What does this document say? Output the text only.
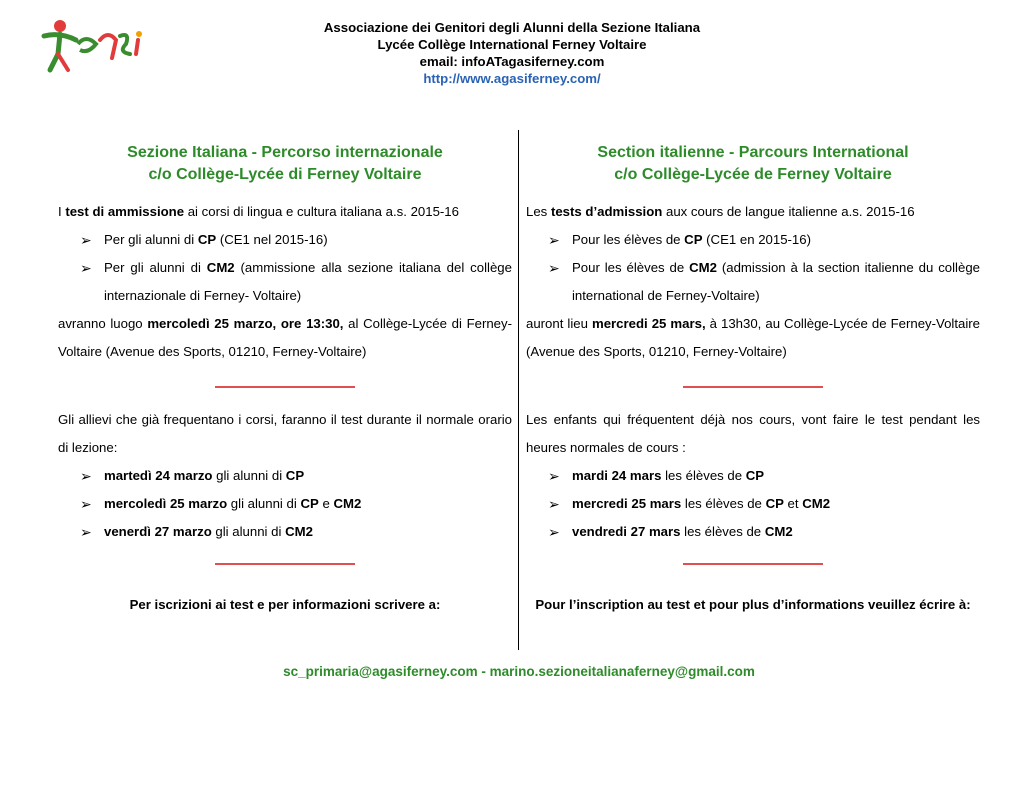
Associazione dei Genitori degli Alunni della Sezione Italiana
Lycée Collège International Ferney Voltaire
email: infoATagasiferney.com
http://www.agasiferney.com/

Sezione Italiana - Percorso internazionale

c/o Collège-Lycée di Ferney Voltaire

I test di ammissione ai corsi di lingua e cultura italiana a.s. 2015-16
➢ Per gli alunni di CP (CE1 nel 2015-16)
➢ Per gli alunni di CM2 (ammissione alla sezione italiana del collège internazionale di Ferney- Voltaire)
avranno luogo mercoledì 25 marzo, ore 13:30, al Collège-Lycée di Ferney-Voltaire (Avenue des Sports, 01210, Ferney-Voltaire)
Gli allievi che già frequentano i corsi, faranno il test durante il normale orario di lezione:
➢ martedì 24 marzo gli alunni di CP
➢ mercoledì 25 marzo gli alunni di CP e CM2
➢ venerdì 27 marzo gli alunni di CM2
Per iscrizioni ai test e per informazioni scrivere a:

Section italienne - Parcours International

c/o Collège-Lycée de Ferney Voltaire

Les tests d’admission aux cours de langue italienne a.s. 2015-16
➢ Pour les élèves de CP (CE1 en 2015-16)
➢ Pour les élèves de CM2 (admission à la section italienne du collège international de Ferney-Voltaire)
auront lieu mercredi 25 mars, à 13h30, au Collège-Lycée de Ferney-Voltaire (Avenue des Sports, 01210, Ferney-Voltaire)
Les enfants qui fréquentent déjà nos cours, vont faire le test pendant les heures normales de cours :
➢ mardi 24 mars les élèves de CP
➢ mercredi 25 mars les élèves de CP et CM2
➢ vendredi 27 mars les élèves de CM2
Pour l’inscription au test et pour plus d’informations veuillez écrire à:
sc_primaria@agasiferney.com - marino.sezioneitalianaferney@gmail.com
